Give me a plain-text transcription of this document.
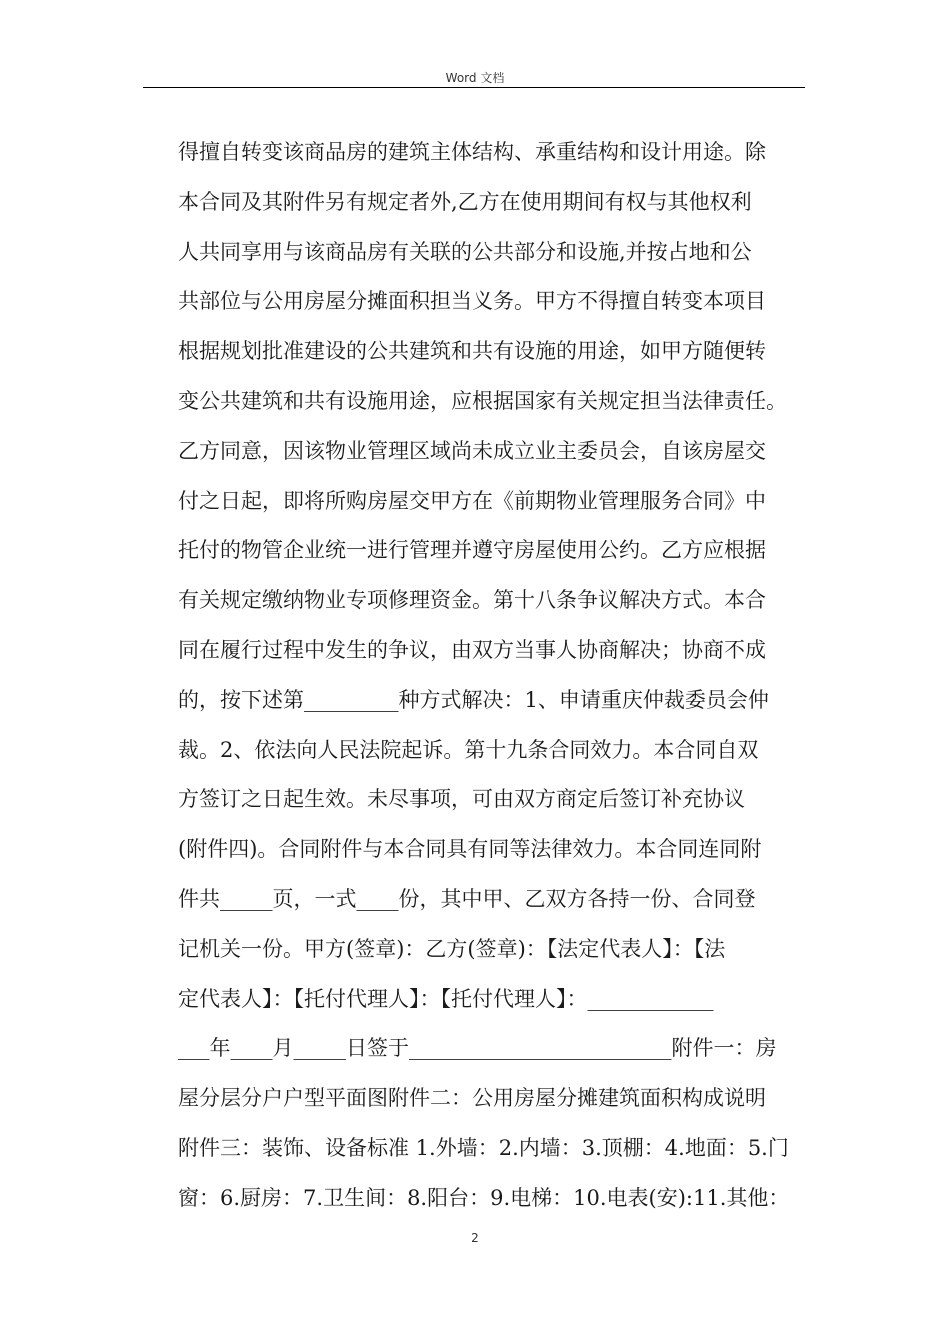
Word 文档
得擅自转变该商品房的建筑主体结构、承重结构和设计用途。除
本合同及其附件另有规定者外,乙方在使用期间有权与其他权利
人共同享用与该商品房有关联的公共部分和设施,并按占地和公
共部位与公用房屋分摊面积担当义务。甲方不得擅自转变本项目
根据规划批准建设的公共建筑和共有设施的用途，如甲方随便转
变公共建筑和共有设施用途，应根据国家有关规定担当法律责任。
乙方同意，因该物业管理区域尚未成立业主委员会，自该房屋交
付之日起，即将所购房屋交甲方在《前期物业管理服务合同》中
托付的物管企业统一进行管理并遵守房屋使用公约。乙方应根据
有关规定缴纳物业专项修理资金。第十八条争议解决方式。本合
同在履行过程中发生的争议，由双方当事人协商解决；协商不成
的，按下述第_________种方式解决：1、申请重庆仲裁委员会仲
裁。2、依法向人民法院起诉。第十九条合同效力。本合同自双
方签订之日起生效。未尽事项，可由双方商定后签订补充协议
(附件四)。合同附件与本合同具有同等法律效力。本合同连同附
件共_____页，一式____份，其中甲、乙双方各持一份、合同登
记机关一份。甲方(签章)：乙方(签章)：【法定代表人】：【法
定代表人】：【托付代理人】：【托付代理人】：____________
___年____月_____日签于_________________________附件一：房
屋分层分户户型平面图附件二：公用房屋分摊建筑面积构成说明
附件三：装饰、设备标准 1.外墙：2.内墙：3.顶棚：4.地面：5.门
窗：6.厨房：7.卫生间：8.阳台：9.电梯：10.电表(安):11.其他：
2
